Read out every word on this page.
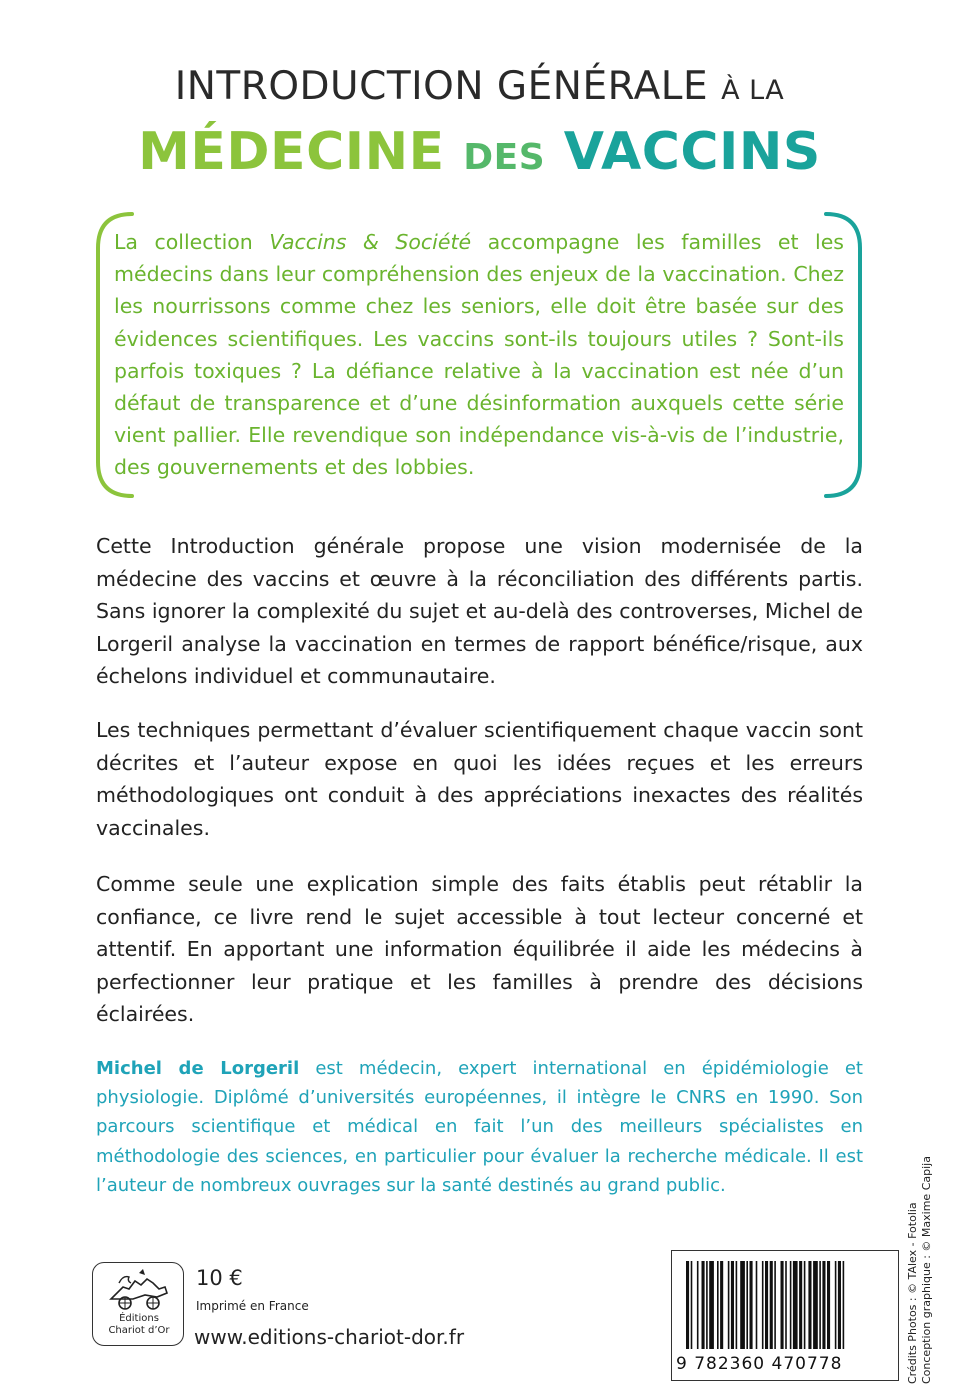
INTRODUCTION GÉNÉRALE À LA
MÉDECINE DES VACCINS
La collection Vaccins & Société accompagne les familles et les médecins dans leur compréhension des enjeux de la vaccination. Chez les nourrissons comme chez les seniors, elle doit être basée sur des évidences scientifiques. Les vaccins sont-ils toujours utiles ? Sont-ils parfois toxiques ? La défiance relative à la vaccination est née d’un défaut de transparence et d’une désinformation auxquels cette série vient pallier. Elle revendique son indépendance vis-à-vis de l’industrie, des gouvernements et des lobbies.
Cette Introduction générale propose une vision modernisée de la médecine des vaccins et œuvre à la réconciliation des différents partis. Sans ignorer la complexité du sujet et au-delà des controverses, Michel de Lorgeril analyse la vaccination en termes de rapport bénéfice/risque, aux échelons individuel et communautaire.
Les techniques permettant d’évaluer scientifiquement chaque vaccin sont décrites et l’auteur expose en quoi les idées reçues et les erreurs méthodologiques ont conduit à des appréciations inexactes des réalités vaccinales.
Comme seule une explication simple des faits établis peut rétablir la confiance, ce livre rend le sujet accessible à tout lecteur concerné et attentif. En apportant une information équilibrée il aide les médecins à perfectionner leur pratique et les familles à prendre des décisions éclairées.
Michel de Lorgeril est médecin, expert international en épidémiologie et physiologie. Diplômé d’universités européennes, il intègre le CNRS en 1990. Son parcours scientifique et médical en fait l’un des meilleurs spécialistes en méthodologie des sciences, en particulier pour évaluer la recherche médicale. Il est l’auteur de nombreux ouvrages sur la santé destinés au grand public.
Éditions
Chariot d’Or
10 €
Imprimé en France
www.editions-chariot-dor.fr
9 782360 470778	Crédits Photos : © TAlex - Fotolia Conception graphique : © Maxime Capija
